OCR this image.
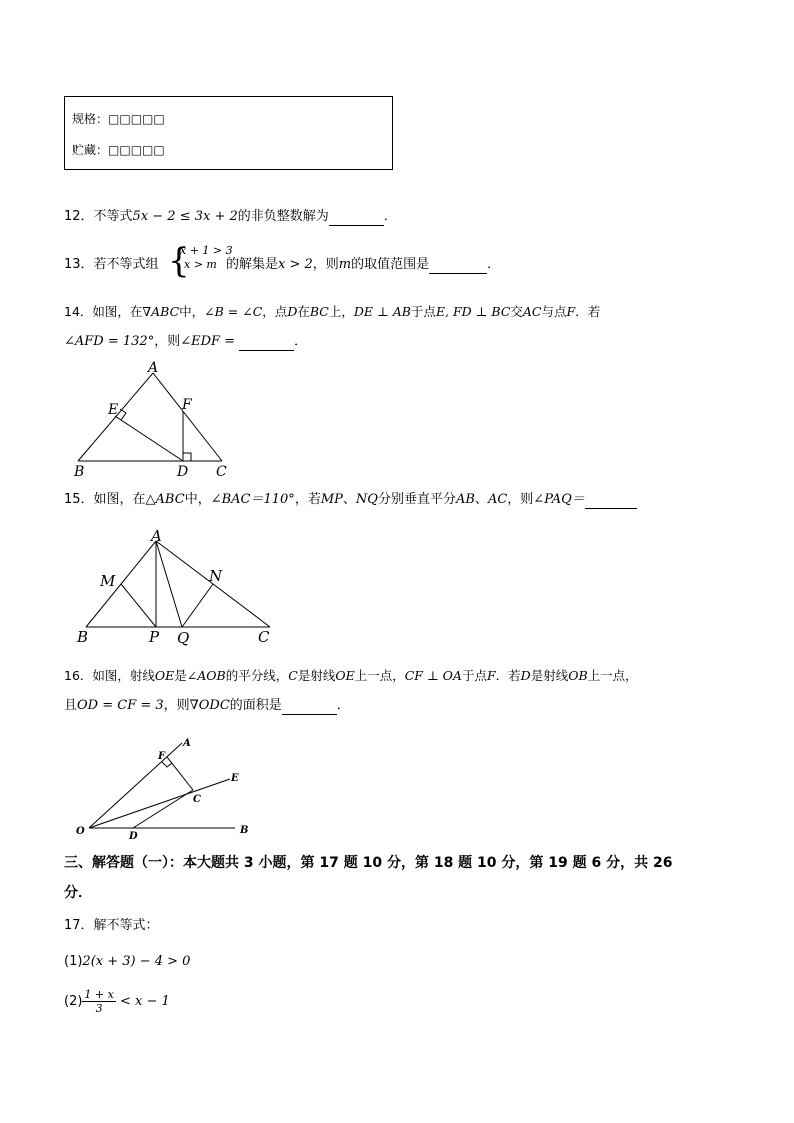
规格：□□□□□
贮藏：□□□□□
12．不等式5x − 2 ≤ 3x + 2的非负整数解为	．
13．若不等式组 {
x + 1 > 3
x > m 的解集是x > 2，则m的取值范围是	．
14．如图，在∇ABC中，∠B = ∠C，点D在BC上，DE ⊥ AB于点E, FD ⊥ BC交AC与点F．若
∠AFD = 132°，则∠EDF =	．
A
E	F
B	D C
15．如图，在△ABC中，∠BAC＝110°，若MP、NQ分别垂直平分AB、AC，则∠PAQ＝
A
M	N
B	P Q	C
16．如图，射线OE是∠AOB的平分线，C是射线OE上一点，CF ⊥ OA于点F．若D是射线OB上一点，
且OD = CF = 3，则∇ODC的面积是	．
A
F
E
C
O	D
B
三、解答题（一）：本大题共 3 小题，第 17 题 10 分，第 18 题 10 分，第 19 题 6 分，共 26
分．
17．解不等式：
(1)2(x + 3) − 4 > 0
$(2) \frac{1 + x}{3} < x - 1$
